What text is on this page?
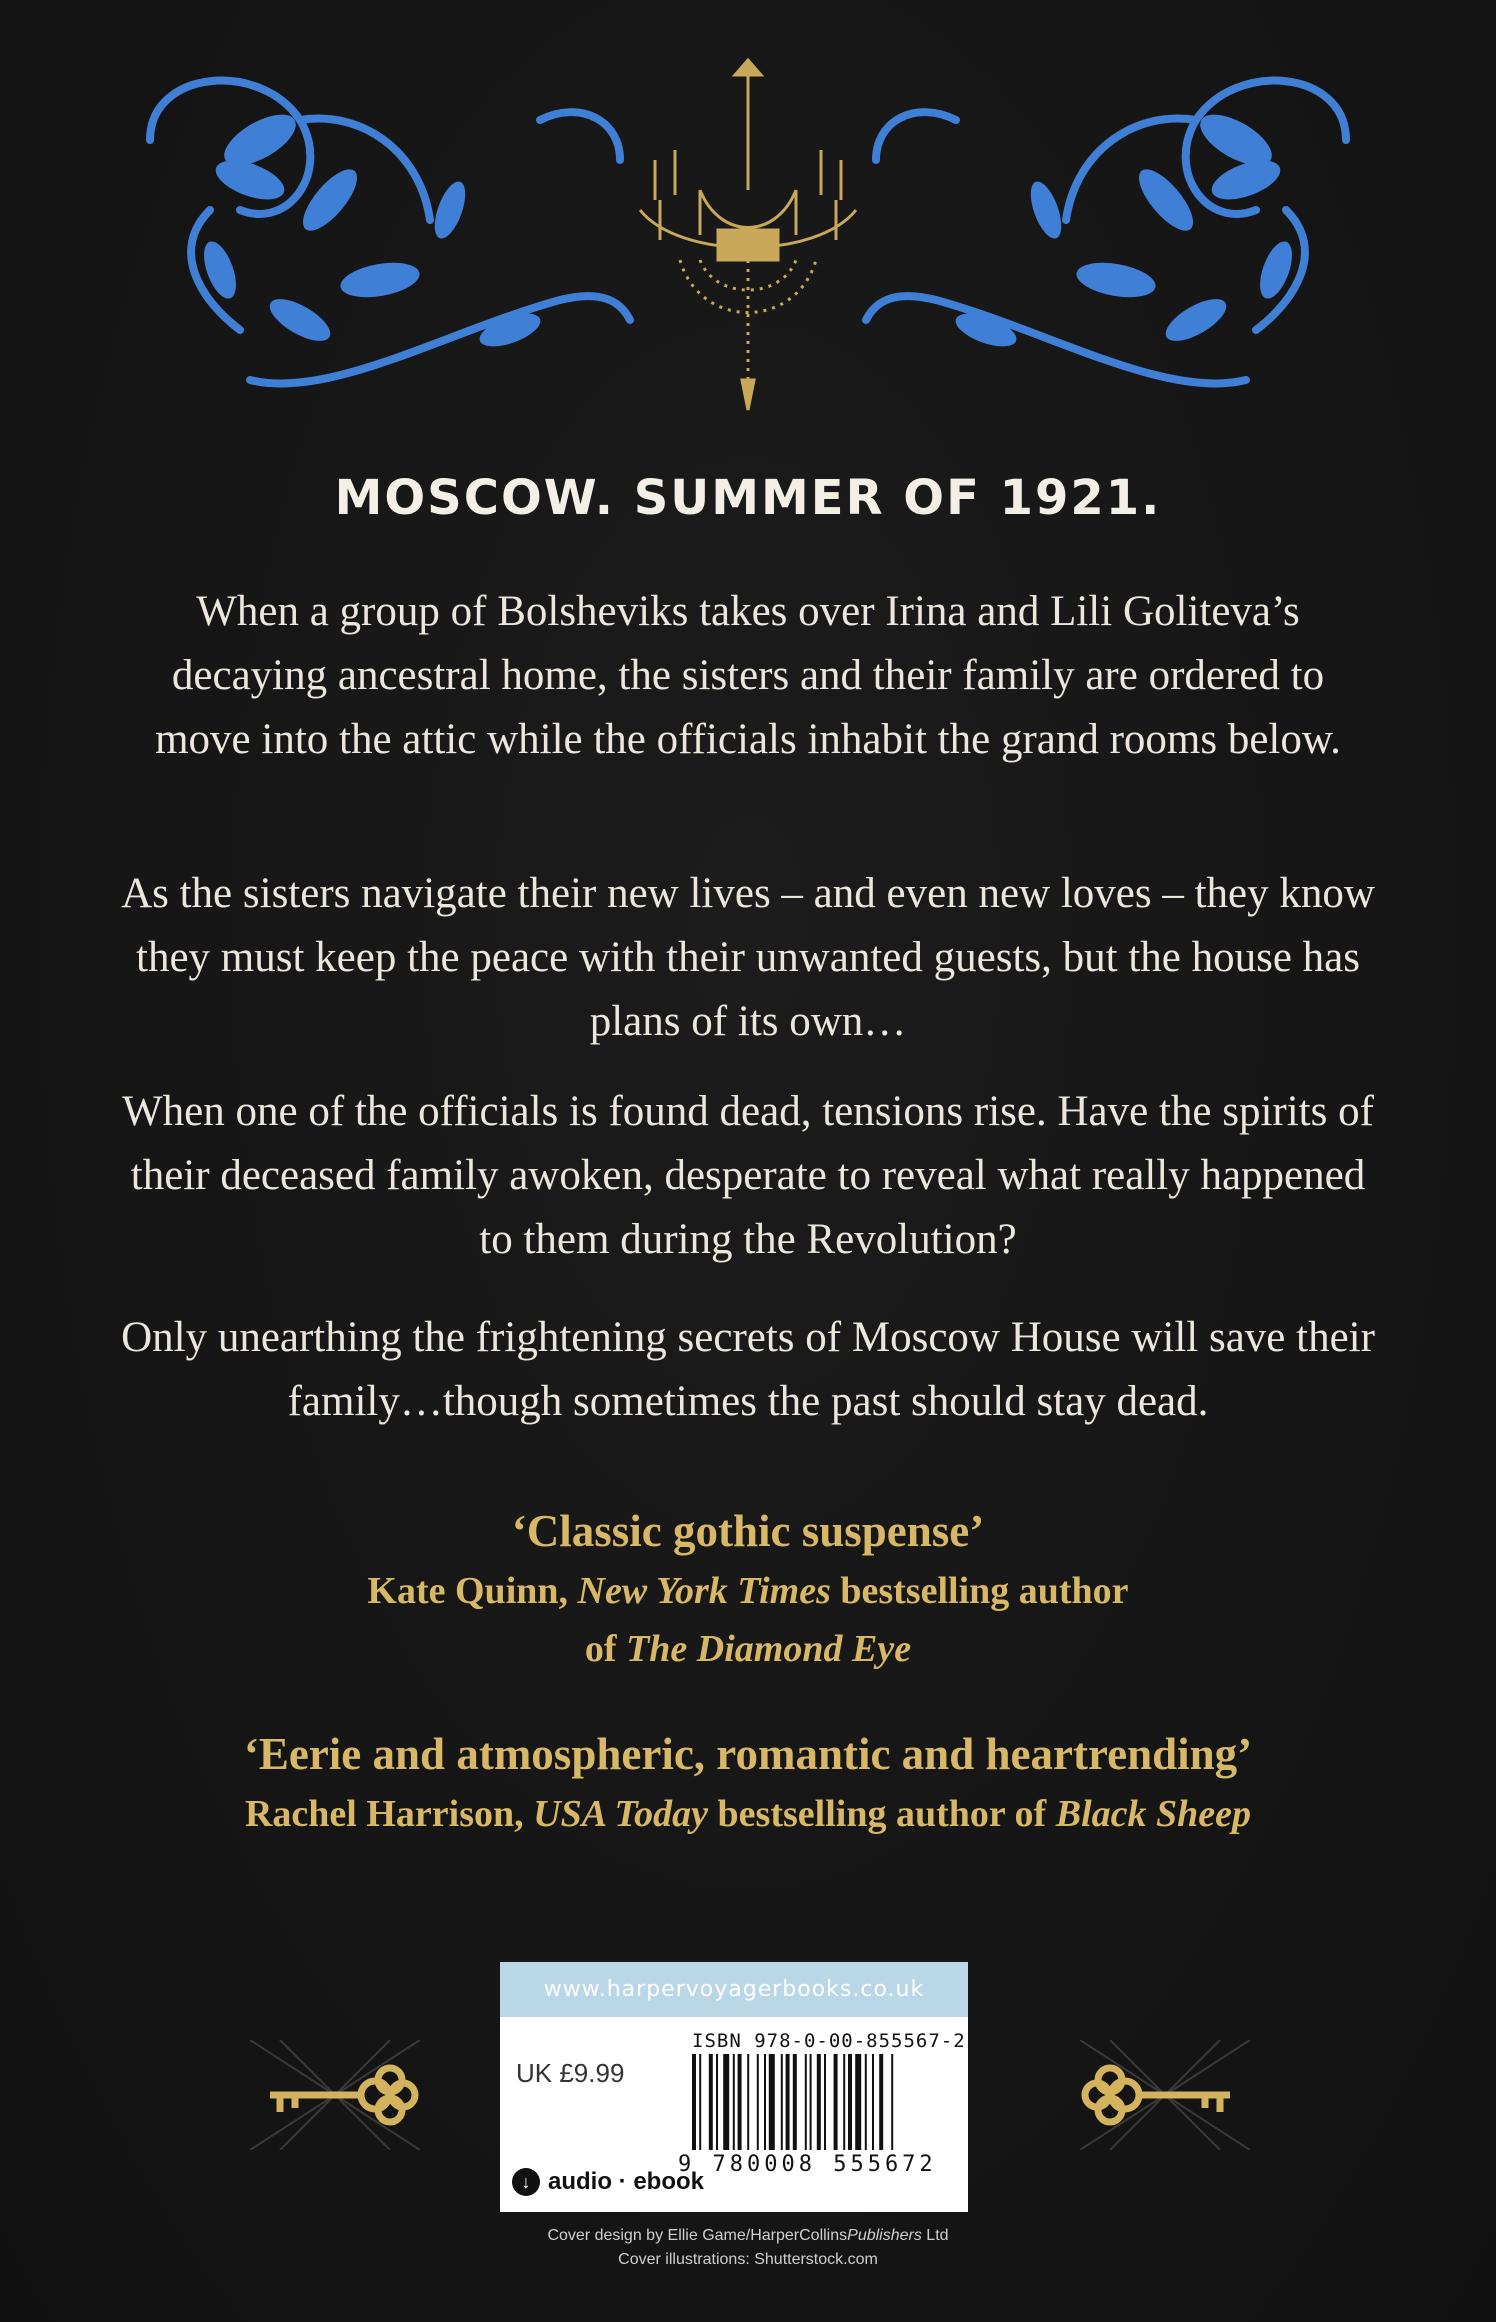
MOSCOW. SUMMER OF 1921.

When a group of Bolsheviks takes over Irina and Lili Goliteva’s decaying ancestral home, the sisters and their family are ordered to move into the attic while the officials inhabit the grand rooms below.

As the sisters navigate their new lives – and even new loves – they know they must keep the peace with their unwanted guests, but the house has plans of its own…

When one of the officials is found dead, tensions rise. Have the spirits of their deceased family awoken, desperate to reveal what really happened to them during the Revolution?

Only unearthing the frightening secrets of Moscow House will save their family…though sometimes the past should stay dead.

‘Classic gothic suspense’
Kate Quinn, New York Times bestselling author
of The Diamond Eye
‘Eerie and atmospheric, romantic and heartrending’
Rachel Harrison, USA Today bestselling author of Black Sheep
www.harpervoyagerbooks.co.uk
ISBN 978-0-00-855567-2
UK £9.99
9 780008 555672
↓ audio · ebook
Cover design by Ellie Game/HarperCollinsPublishers Ltd
Cover illustrations: Shutterstock.com
